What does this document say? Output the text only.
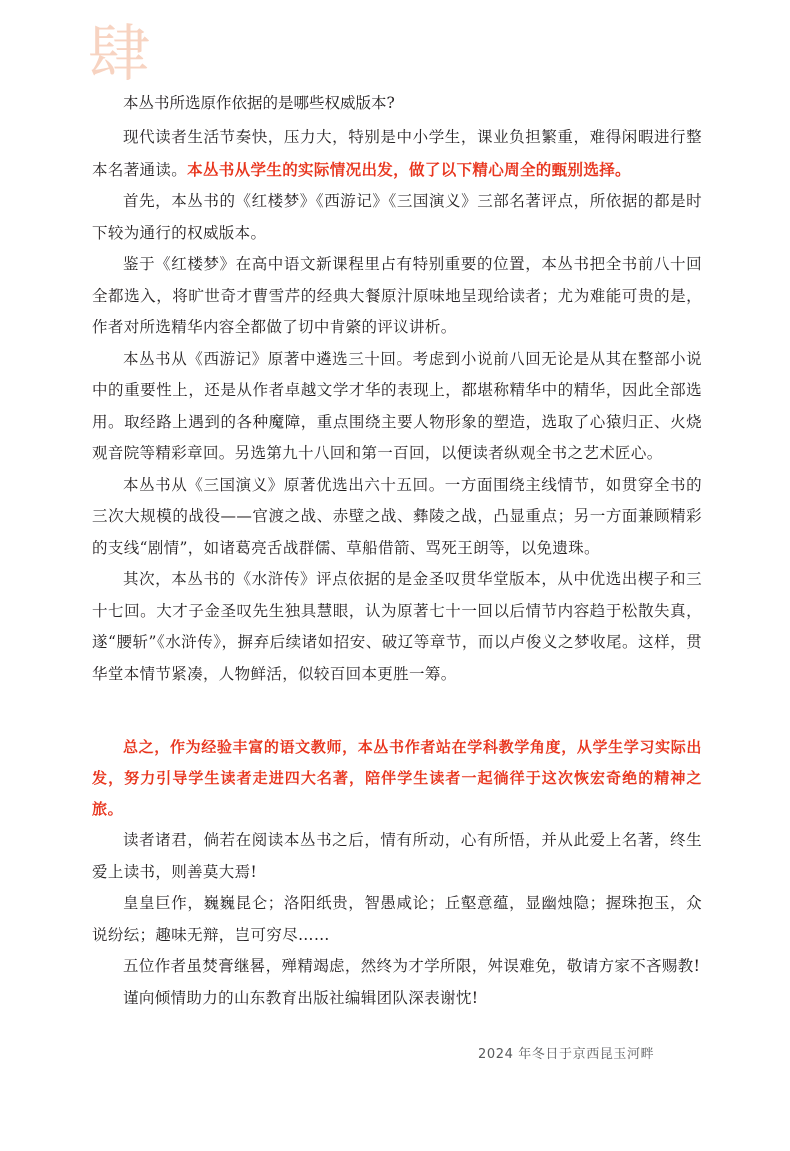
肆

本丛书所选原作依据的是哪些权威版本?

现代读者生活节奏快，压力大，特别是中小学生，课业负担繁重，难得闲暇进行整本名著通读。本丛书从学生的实际情况出发，做了以下精心周全的甄别选择。

首先，本丛书的《红楼梦》《西游记》《三国演义》三部名著评点，所依据的都是时下较为通行的权威版本。

鉴于《红楼梦》在高中语文新课程里占有特别重要的位置，本丛书把全书前八十回全都选入，将旷世奇才曹雪芹的经典大餐原汁原味地呈现给读者；尤为难能可贵的是，作者对所选精华内容全都做了切中肯綮的评议讲析。

本丛书从《西游记》原著中遴选三十回。考虑到小说前八回无论是从其在整部小说中的重要性上，还是从作者卓越文学才华的表现上，都堪称精华中的精华，因此全部选用。取经路上遇到的各种魔障，重点围绕主要人物形象的塑造，选取了心猿归正、火烧观音院等精彩章回。另选第九十八回和第一百回，以便读者纵观全书之艺术匠心。

本丛书从《三国演义》原著优选出六十五回。一方面围绕主线情节，如贯穿全书的三次大规模的战役——官渡之战、赤壁之战、彝陵之战，凸显重点；另一方面兼顾精彩的支线“剧情”，如诸葛亮舌战群儒、草船借箭、骂死王朗等，以免遗珠。

其次，本丛书的《水浒传》评点依据的是金圣叹贯华堂版本，从中优选出楔子和三十七回。大才子金圣叹先生独具慧眼，认为原著七十一回以后情节内容趋于松散失真，遂“腰斩”《水浒传》，摒弃后续诸如招安、破辽等章节，而以卢俊义之梦收尾。这样，贯华堂本情节紧凑，人物鲜活，似较百回本更胜一筹。

总之，作为经验丰富的语文教师，本丛书作者站在学科教学角度，从学生学习实际出发，努力引导学生读者走进四大名著，陪伴学生读者一起徜徉于这次恢宏奇绝的精神之旅。

读者诸君，倘若在阅读本丛书之后，情有所动，心有所悟，并从此爱上名著，终生爱上读书，则善莫大焉!

皇皇巨作，巍巍昆仑；洛阳纸贵，智愚咸论；丘壑意蕴，显幽烛隐；握珠抱玉，众说纷纭；趣味无辩，岂可穷尽……

五位作者虽焚膏继晷，殚精竭虑，然终为才学所限，舛误难免，敬请方家不吝赐教!

谨向倾情助力的山东教育出版社编辑团队深表谢忱!

2024 年冬日于京西昆玉河畔
